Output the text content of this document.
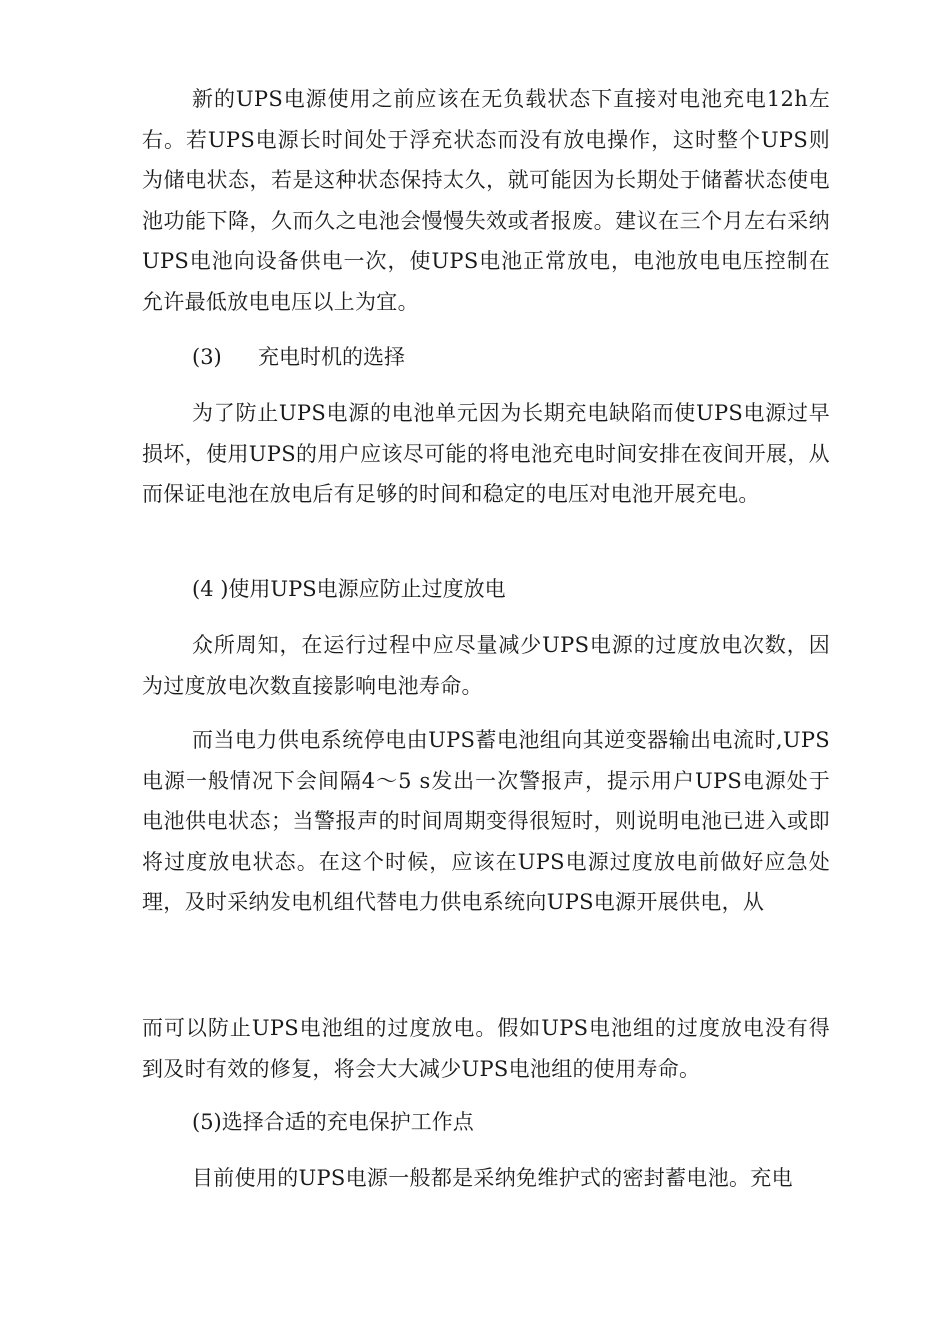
新的UPS电源使用之前应该在无负载状态下直接对电池充电12h左右。若UPS电源长时间处于浮充状态而没有放电操作，这时整个UPS则为储电状态，若是这种状态保持太久，就可能因为长期处于储蓄状态使电池功能下降，久而久之电池会慢慢失效或者报废。建议在三个月左右采纳UPS电池向设备供电一次，使UPS电池正常放电，电池放电电压控制在允许最低放电电压以上为宜。

(3) 充电时机的选择

为了防止UPS电源的电池单元因为长期充电缺陷而使UPS电源过早损坏，使用UPS的用户应该尽可能的将电池充电时间安排在夜间开展，从而保证电池在放电后有足够的时间和稳定的电压对电池开展充电。

(4 )使用UPS电源应防止过度放电

众所周知，在运行过程中应尽量减少UPS电源的过度放电次数，因为过度放电次数直接影响电池寿命。

而当电力供电系统停电由UPS蓄电池组向其逆变器输出电流时,UPS电源一般情况下会间隔4〜5 s发出一次警报声，提示用户UPS电源处于电池供电状态；当警报声的时间周期变得很短时，则说明电池已进入或即将过度放电状态。在这个时候，应该在UPS电源过度放电前做好应急处理，及时采纳发电机组代替电力供电系统向UPS电源开展供电，从

而可以防止UPS电池组的过度放电。假如UPS电池组的过度放电没有得到及时有效的修复，将会大大减少UPS电池组的使用寿命。

(5)选择合适的充电保护工作点

目前使用的UPS电源一般都是采纳免维护式的密封蓄电池。充电
